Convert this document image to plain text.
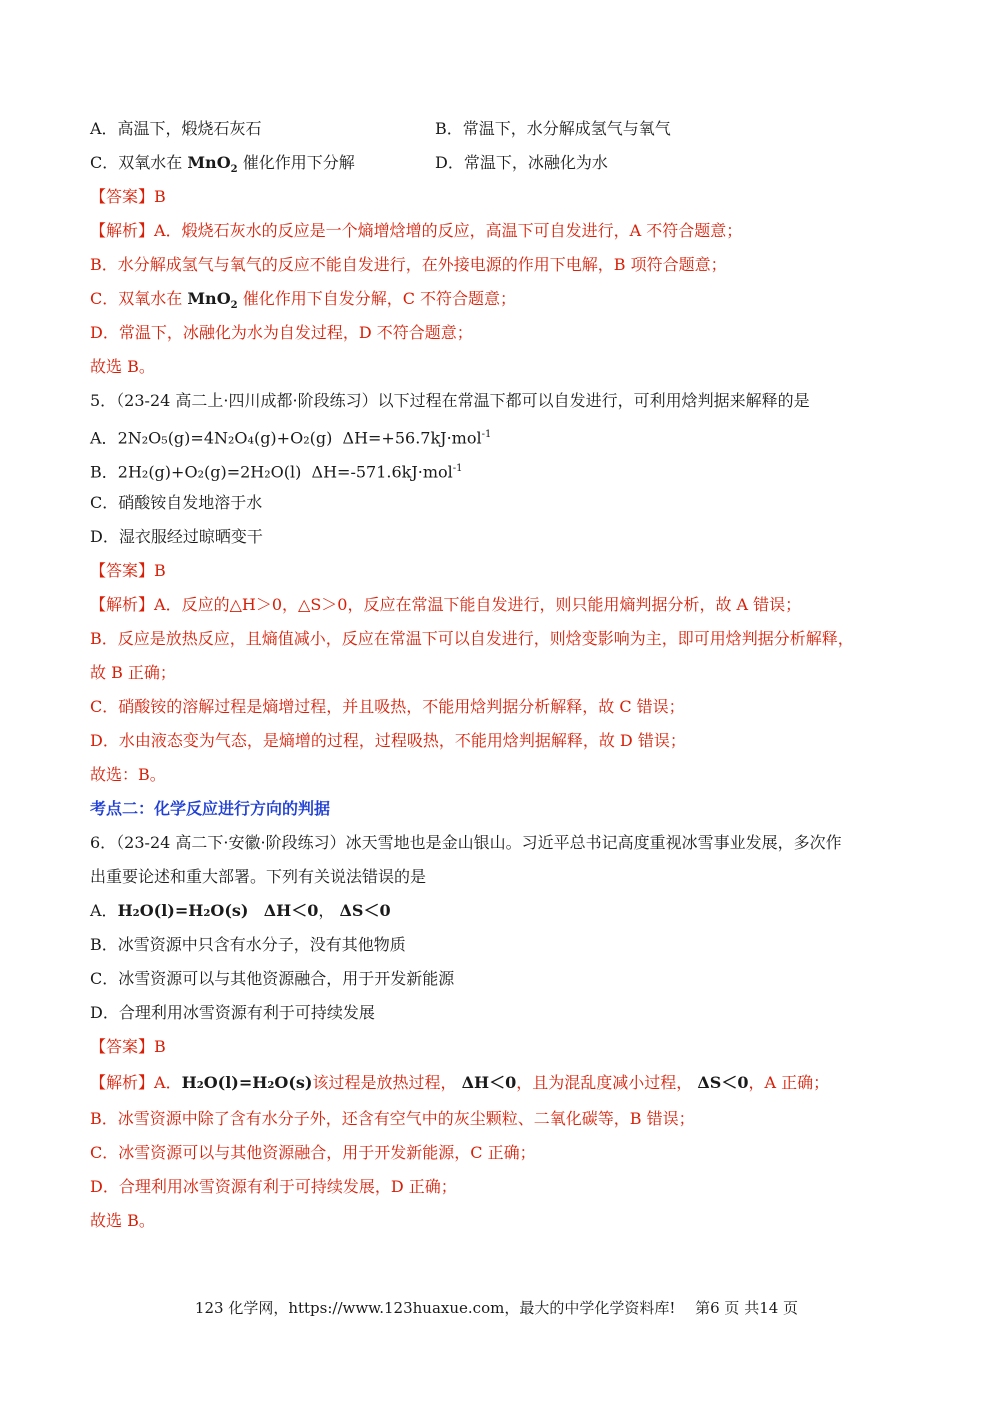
A．高温下，煅烧石灰石	B．常温下，水分解成氢气与氧气
C．双氧水在 MnO$_2$ 催化作用下分解	D．常温下，冰融化为水
【答案】B
【解析】A．煅烧石灰水的反应是一个熵增焓增的反应，高温下可自发进行，A 不符合题意；
B．水分解成氢气与氧气的反应不能自发进行，在外接电源的作用下电解，B 项符合题意；
C．双氧水在 MnO$_2$ 催化作用下自发分解，C 不符合题意；
D．常温下，冰融化为水为自发过程，D 不符合题意；
故选 B。
5．（23-24 高二上·四川成都·阶段练习）以下过程在常温下都可以自发进行，可利用焓判据来解释的是
A．2N₂O₅(g)=4N₂O₄(g)+O₂(g) ΔH=+56.7kJ·mol$^{-1}$
B．2H₂(g)+O₂(g)=2H₂O(l) ΔH=-571.6kJ·mol$^{-1}$
C．硝酸铵自发地溶于水
D．湿衣服经过晾晒变干
【答案】B
【解析】A．反应的△H＞0，△S＞0，反应在常温下能自发进行，则只能用熵判据分析，故 A 错误；
B．反应是放热反应，且熵值减小，反应在常温下可以自发进行，则焓变影响为主，即可用焓判据分析解释，
故 B 正确；
C．硝酸铵的溶解过程是熵增过程，并且吸热，不能用焓判据分析解释，故 C 错误；
D．水由液态变为气态，是熵增的过程，过程吸热，不能用焓判据解释，故 D 错误；
故选：B。
考点二：化学反应进行方向的判据
6．（23-24 高二下·安徽·阶段练习）冰天雪地也是金山银山。习近平总书记高度重视冰雪事业发展，多次作
出重要论述和重大部署。下列有关说法错误的是
A．H₂O(l)=H₂O(s) ΔH＜0， ΔS＜0
B．冰雪资源中只含有水分子，没有其他物质
C．冰雪资源可以与其他资源融合，用于开发新能源
D．合理利用冰雪资源有利于可持续发展
【答案】B
【解析】A．H₂O(l)=H₂O(s)该过程是放热过程， ΔH＜0，且为混乱度减小过程， ΔS＜0，A 正确；
B．冰雪资源中除了含有水分子外，还含有空气中的灰尘颗粒、二氧化碳等，B 错误；
C．冰雪资源可以与其他资源融合，用于开发新能源，C 正确；
D．合理利用冰雪资源有利于可持续发展，D 正确；
故选 B。
123 化学网，https://www.123huaxue.com，最大的中学化学资料库!　 第6 页 共14 页
